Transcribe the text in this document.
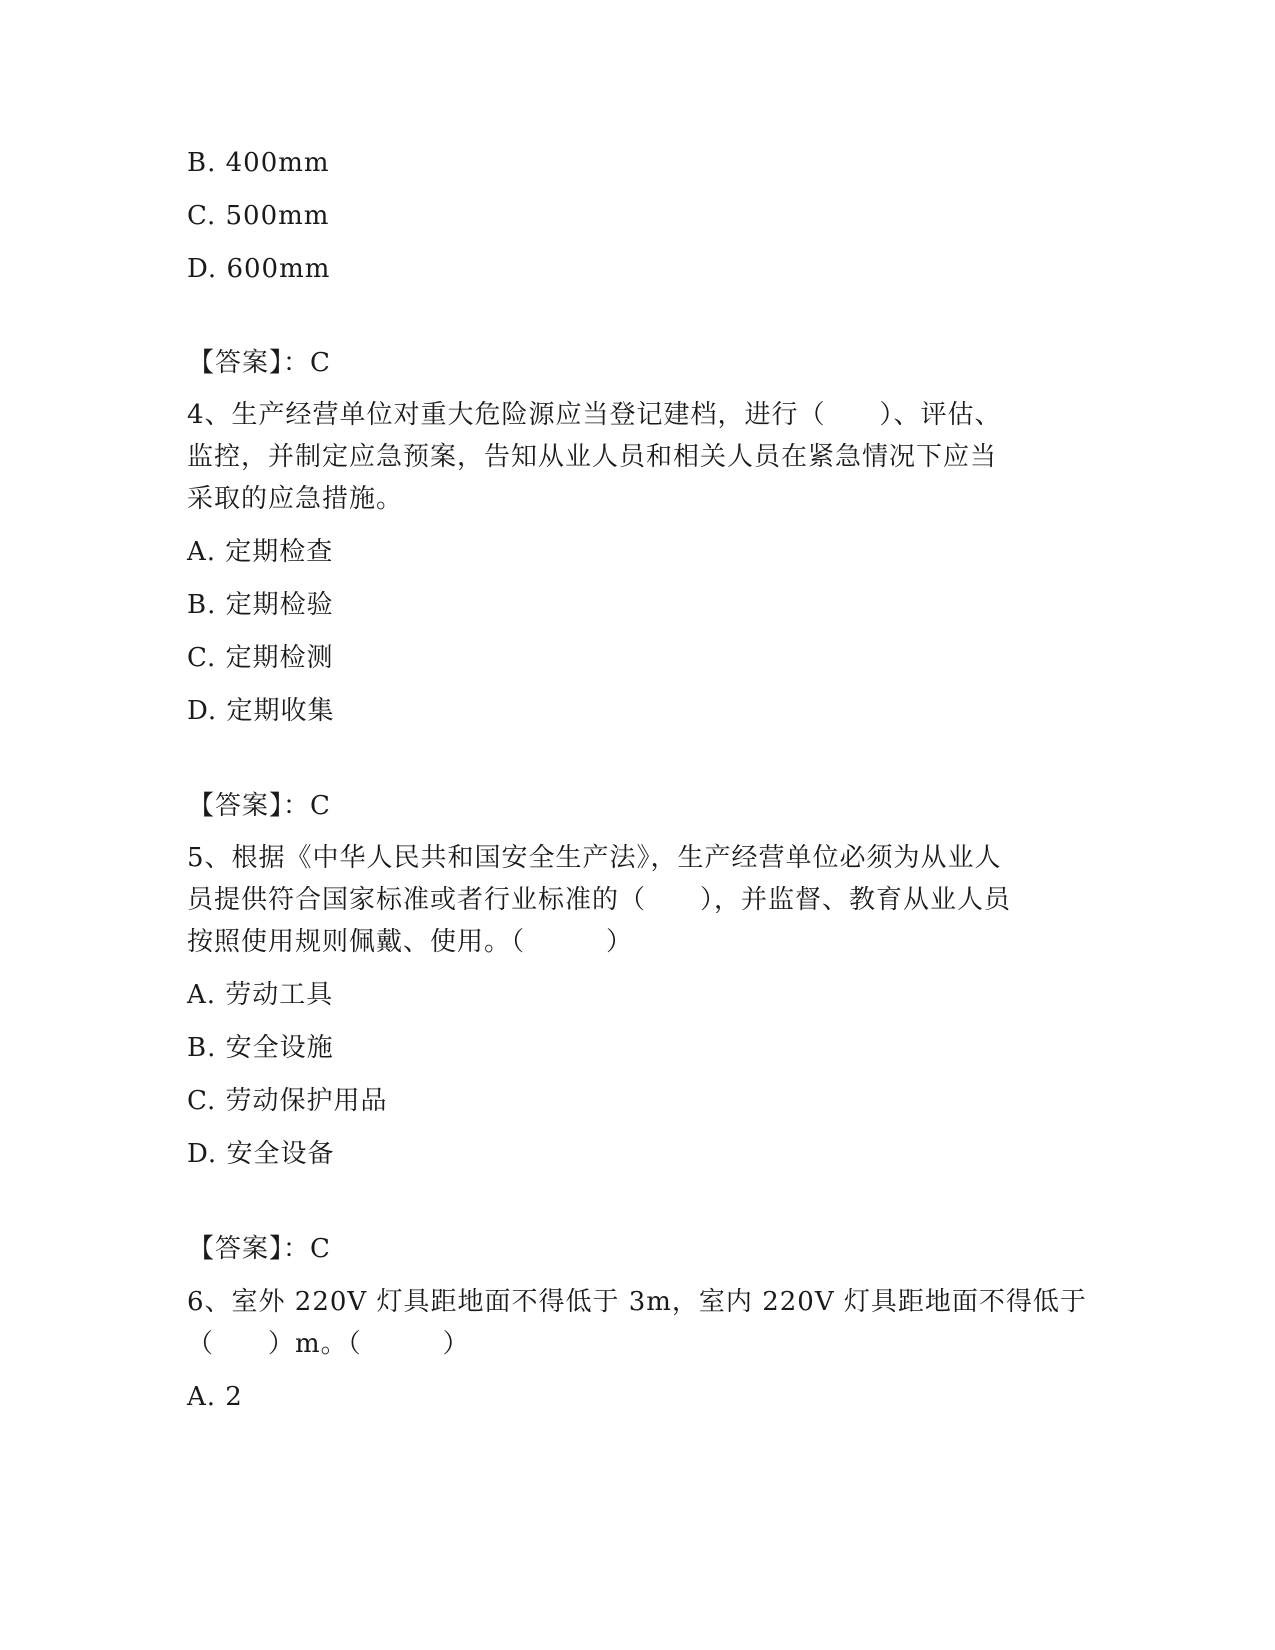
B. 400mm
C. 500mm
D. 600mm
【答案】：C
4、生产经营单位对重大危险源应当登记建档，进行（　　）、评估、
监控，并制定应急预案，告知从业人员和相关人员在紧急情况下应当
采取的应急措施。
A. 定期检查
B. 定期检验
C. 定期检测
D. 定期收集
【答案】：C
5、根据《中华人民共和国安全生产法》，生产经营单位必须为从业人
员提供符合国家标准或者行业标准的（　　），并监督、教育从业人员
按照使用规则佩戴、使用。（　　　）
A. 劳动工具
B. 安全设施
C. 劳动保护用品
D. 安全设备
【答案】：C
6、室外 220V 灯具距地面不得低于 3m，室内 220V 灯具距地面不得低于
（　　）m。（　　　）
A. 2
